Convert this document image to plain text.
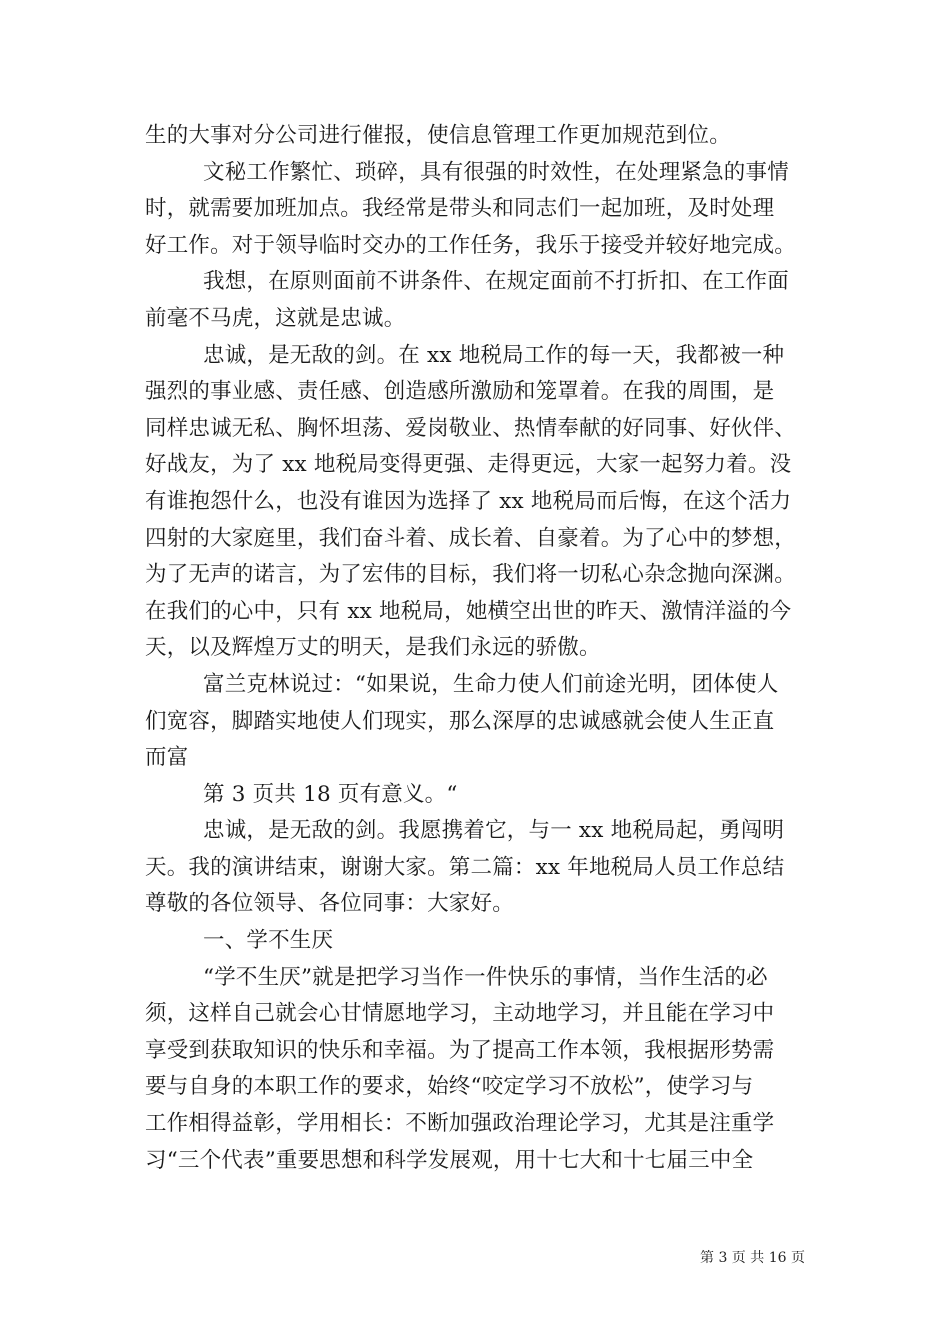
生的大事对分公司进行催报，使信息管理工作更加规范到位。
文秘工作繁忙、琐碎，具有很强的时效性，在处理紧急的事情
时，就需要加班加点。我经常是带头和同志们一起加班，及时处理
好工作。对于领导临时交办的工作任务，我乐于接受并较好地完成。
我想，在原则面前不讲条件、在规定面前不打折扣、在工作面
前毫不马虎，这就是忠诚。
忠诚，是无敌的剑。在 xx 地税局工作的每一天，我都被一种
强烈的事业感、责任感、创造感所激励和笼罩着。在我的周围，是
同样忠诚无私、胸怀坦荡、爱岗敬业、热情奉献的好同事、好伙伴、
好战友，为了 xx 地税局变得更强、走得更远，大家一起努力着。没
有谁抱怨什么，也没有谁因为选择了 xx 地税局而后悔，在这个活力
四射的大家庭里，我们奋斗着、成长着、自豪着。为了心中的梦想，
为了无声的诺言，为了宏伟的目标，我们将一切私心杂念抛向深渊。
在我们的心中，只有 xx 地税局，她横空出世的昨天、激情洋溢的今
天，以及辉煌万丈的明天，是我们永远的骄傲。
富兰克林说过：“如果说，生命力使人们前途光明，团体使人
们宽容，脚踏实地使人们现实，那么深厚的忠诚感就会使人生正直
而富
第 3 页共 18 页有意义。“
忠诚，是无敌的剑。我愿携着它，与一 xx 地税局起，勇闯明
天。我的演讲结束，谢谢大家。第二篇：xx 年地税局人员工作总结
尊敬的各位领导、各位同事：大家好。
一、学不生厌
“学不生厌”就是把学习当作一件快乐的事情，当作生活的必
须，这样自己就会心甘情愿地学习，主动地学习，并且能在学习中
享受到获取知识的快乐和幸福。为了提高工作本领，我根据形势需
要与自身的本职工作的要求，始终“咬定学习不放松”，使学习与
工作相得益彰，学用相长：不断加强政治理论学习，尤其是注重学
习“三个代表”重要思想和科学发展观，用十七大和十七届三中全
第 3 页 共 16 页
